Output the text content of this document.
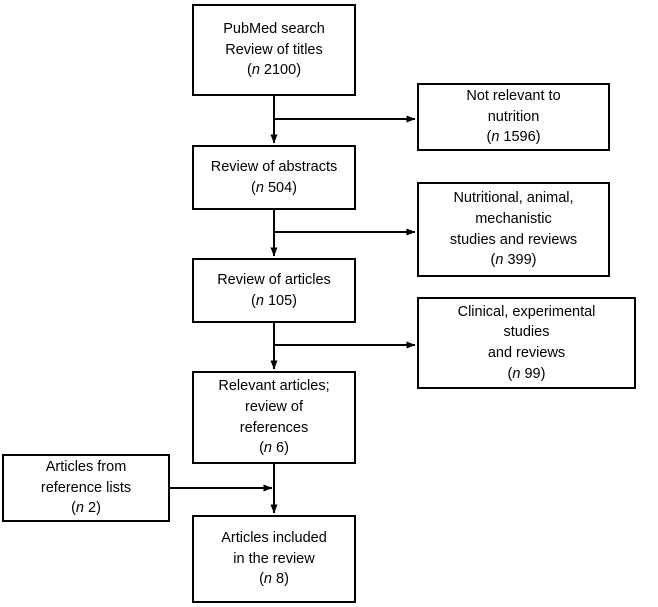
PubMed search
Review of titles
(n 2100)
Not relevant to
nutrition
(n 1596)
Review of abstracts
(n 504)
Nutritional, animal,
mechanistic
studies and reviews
(n 399)
Review of articles
(n 105)
Clinical, experimental
studies
and reviews
(n 99)
Relevant articles;
review of
references
(n 6)
Articles from
reference lists
(n 2)
Articles included
in the review
(n 8)
